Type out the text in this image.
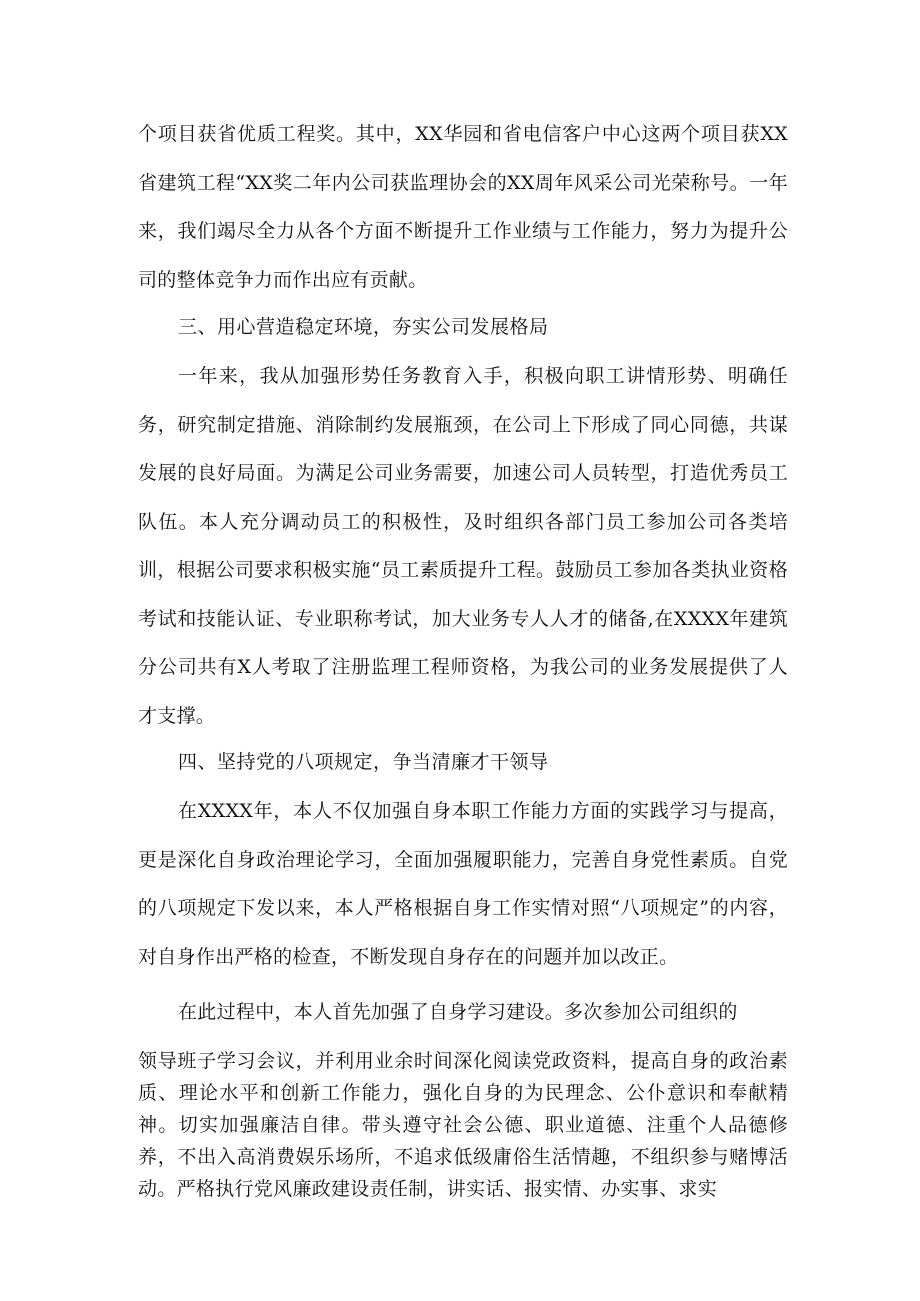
个项目获省优质工程奖。其中，XX华园和省电信客户中心这两个项目获XX省建筑工程“XX奖二年内公司获监理协会的XX周年风采公司光荣称号。一年来，我们竭尽全力从各个方面不断提升工作业绩与工作能力，努力为提升公司的整体竞争力而作出应有贡献。

三、用心营造稳定环境，夯实公司发展格局

一年来，我从加强形势任务教育入手，积极向职工讲情形势、明确任务，研究制定措施、消除制约发展瓶颈，在公司上下形成了同心同德，共谋发展的良好局面。为满足公司业务需要，加速公司人员转型，打造优秀员工队伍。本人充分调动员工的积极性，及时组织各部门员工参加公司各类培训，根据公司要求积极实施“员工素质提升工程。鼓励员工参加各类执业资格考试和技能认证、专业职称考试，加大业务专人人才的储备,在XXXX年建筑分公司共有X人考取了注册监理工程师资格，为我公司的业务发展提供了人才支撑。

四、坚持党的八项规定，争当清廉才干领导

在XXXX年，本人不仅加强自身本职工作能力方面的实践学习与提高，更是深化自身政治理论学习，全面加强履职能力，完善自身党性素质。自党的八项规定下发以来，本人严格根据自身工作实情对照“八项规定”的内容，对自身作出严格的检查，不断发现自身存在的问题并加以改正。

在此过程中，本人首先加强了自身学习建设。多次参加公司组织的

领导班子学习会议，并利用业余时间深化阅读党政资料，提高自身的政治素质、理论水平和创新工作能力，强化自身的为民理念、公仆意识和奉献精神。切实加强廉洁自律。带头遵守社会公德、职业道德、注重个人品德修养，不出入高消费娱乐场所，不追求低级庸俗生活情趣，不组织参与赌博活动。严格执行党风廉政建设责任制，讲实话、报实情、办实事、求实
